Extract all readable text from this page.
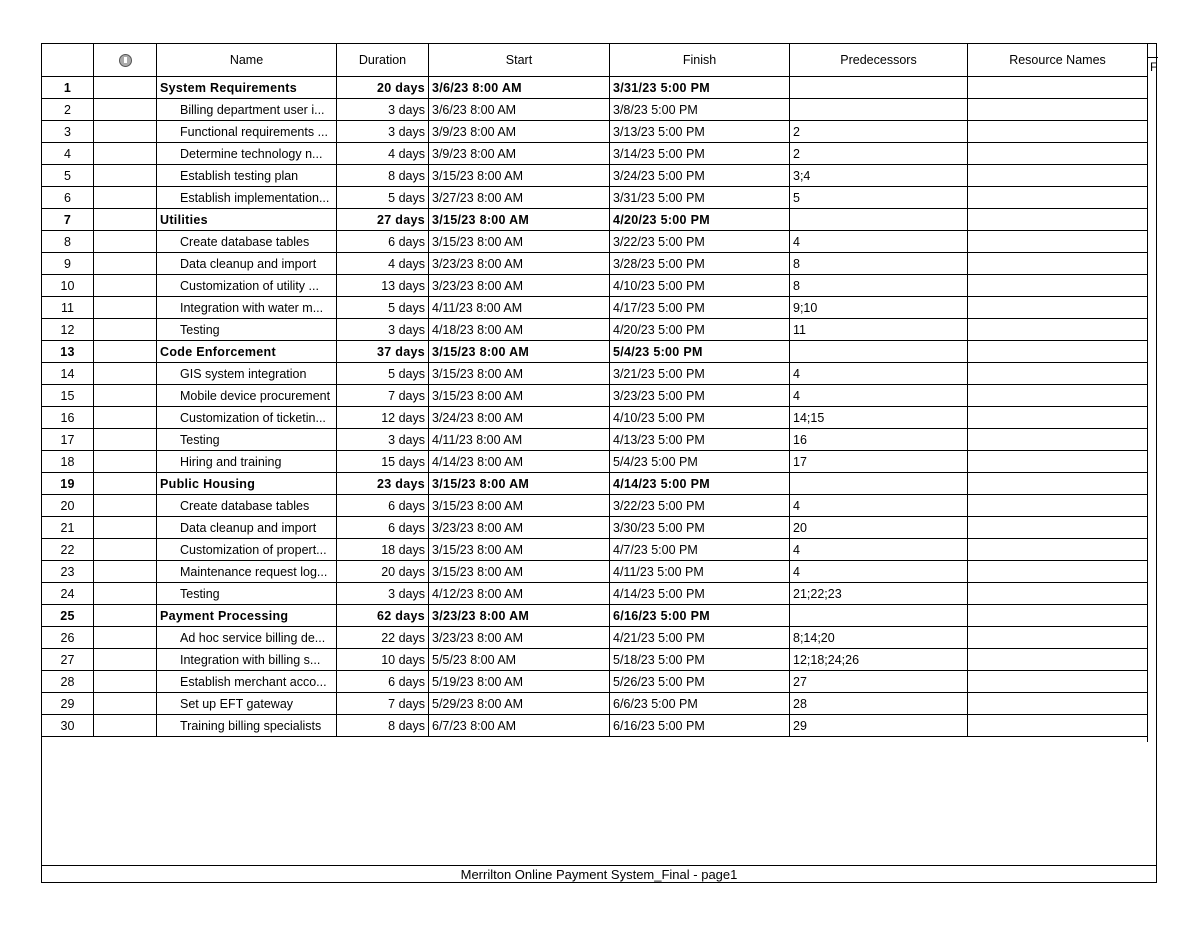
		Name	Duration	Start	Finish	Predecessors	Resource Names
1		System Requirements	20 days	3/6/23 8:00 AM	3/31/23 5:00 PM		
2		Billing department user i...	3 days	3/6/23 8:00 AM	3/8/23 5:00 PM		
3		Functional requirements ...	3 days	3/9/23 8:00 AM	3/13/23 5:00 PM	2	
4		Determine technology n...	4 days	3/9/23 8:00 AM	3/14/23 5:00 PM	2	
5		Establish testing plan	8 days	3/15/23 8:00 AM	3/24/23 5:00 PM	3;4	
6		Establish implementation...	5 days	3/27/23 8:00 AM	3/31/23 5:00 PM	5	
7		Utilities	27 days	3/15/23 8:00 AM	4/20/23 5:00 PM		
8		Create database tables	6 days	3/15/23 8:00 AM	3/22/23 5:00 PM	4	
9		Data cleanup and import	4 days	3/23/23 8:00 AM	3/28/23 5:00 PM	8	
10		Customization of utility ...	13 days	3/23/23 8:00 AM	4/10/23 5:00 PM	8	
11		Integration with water m...	5 days	4/11/23 8:00 AM	4/17/23 5:00 PM	9;10	
12		Testing	3 days	4/18/23 8:00 AM	4/20/23 5:00 PM	11	
13		Code Enforcement	37 days	3/15/23 8:00 AM	5/4/23 5:00 PM		
14		GIS system integration	5 days	3/15/23 8:00 AM	3/21/23 5:00 PM	4	
15		Mobile device procurement	7 days	3/15/23 8:00 AM	3/23/23 5:00 PM	4	
16		Customization of ticketin...	12 days	3/24/23 8:00 AM	4/10/23 5:00 PM	14;15	
17		Testing	3 days	4/11/23 8:00 AM	4/13/23 5:00 PM	16	
18		Hiring and training	15 days	4/14/23 8:00 AM	5/4/23 5:00 PM	17	
19		Public Housing	23 days	3/15/23 8:00 AM	4/14/23 5:00 PM		
20		Create database tables	6 days	3/15/23 8:00 AM	3/22/23 5:00 PM	4	
21		Data cleanup and import	6 days	3/23/23 8:00 AM	3/30/23 5:00 PM	20	
22		Customization of propert...	18 days	3/15/23 8:00 AM	4/7/23 5:00 PM	4	
23		Maintenance request log...	20 days	3/15/23 8:00 AM	4/11/23 5:00 PM	4	
24		Testing	3 days	4/12/23 8:00 AM	4/14/23 5:00 PM	21;22;23	
25		Payment Processing	62 days	3/23/23 8:00 AM	6/16/23 5:00 PM		
26		Ad hoc service billing de...	22 days	3/23/23 8:00 AM	4/21/23 5:00 PM	8;14;20	
27		Integration with billing s...	10 days	5/5/23 8:00 AM	5/18/23 5:00 PM	12;18;24;26	
28		Establish merchant acco...	6 days	5/19/23 8:00 AM	5/26/23 5:00 PM	27	
29		Set up EFT gateway	7 days	5/29/23 8:00 AM	6/6/23 5:00 PM	28	
30		Training billing specialists	8 days	6/7/23 8:00 AM	6/16/23 5:00 PM	29	
F
Merrilton Online Payment System_Final - page1
